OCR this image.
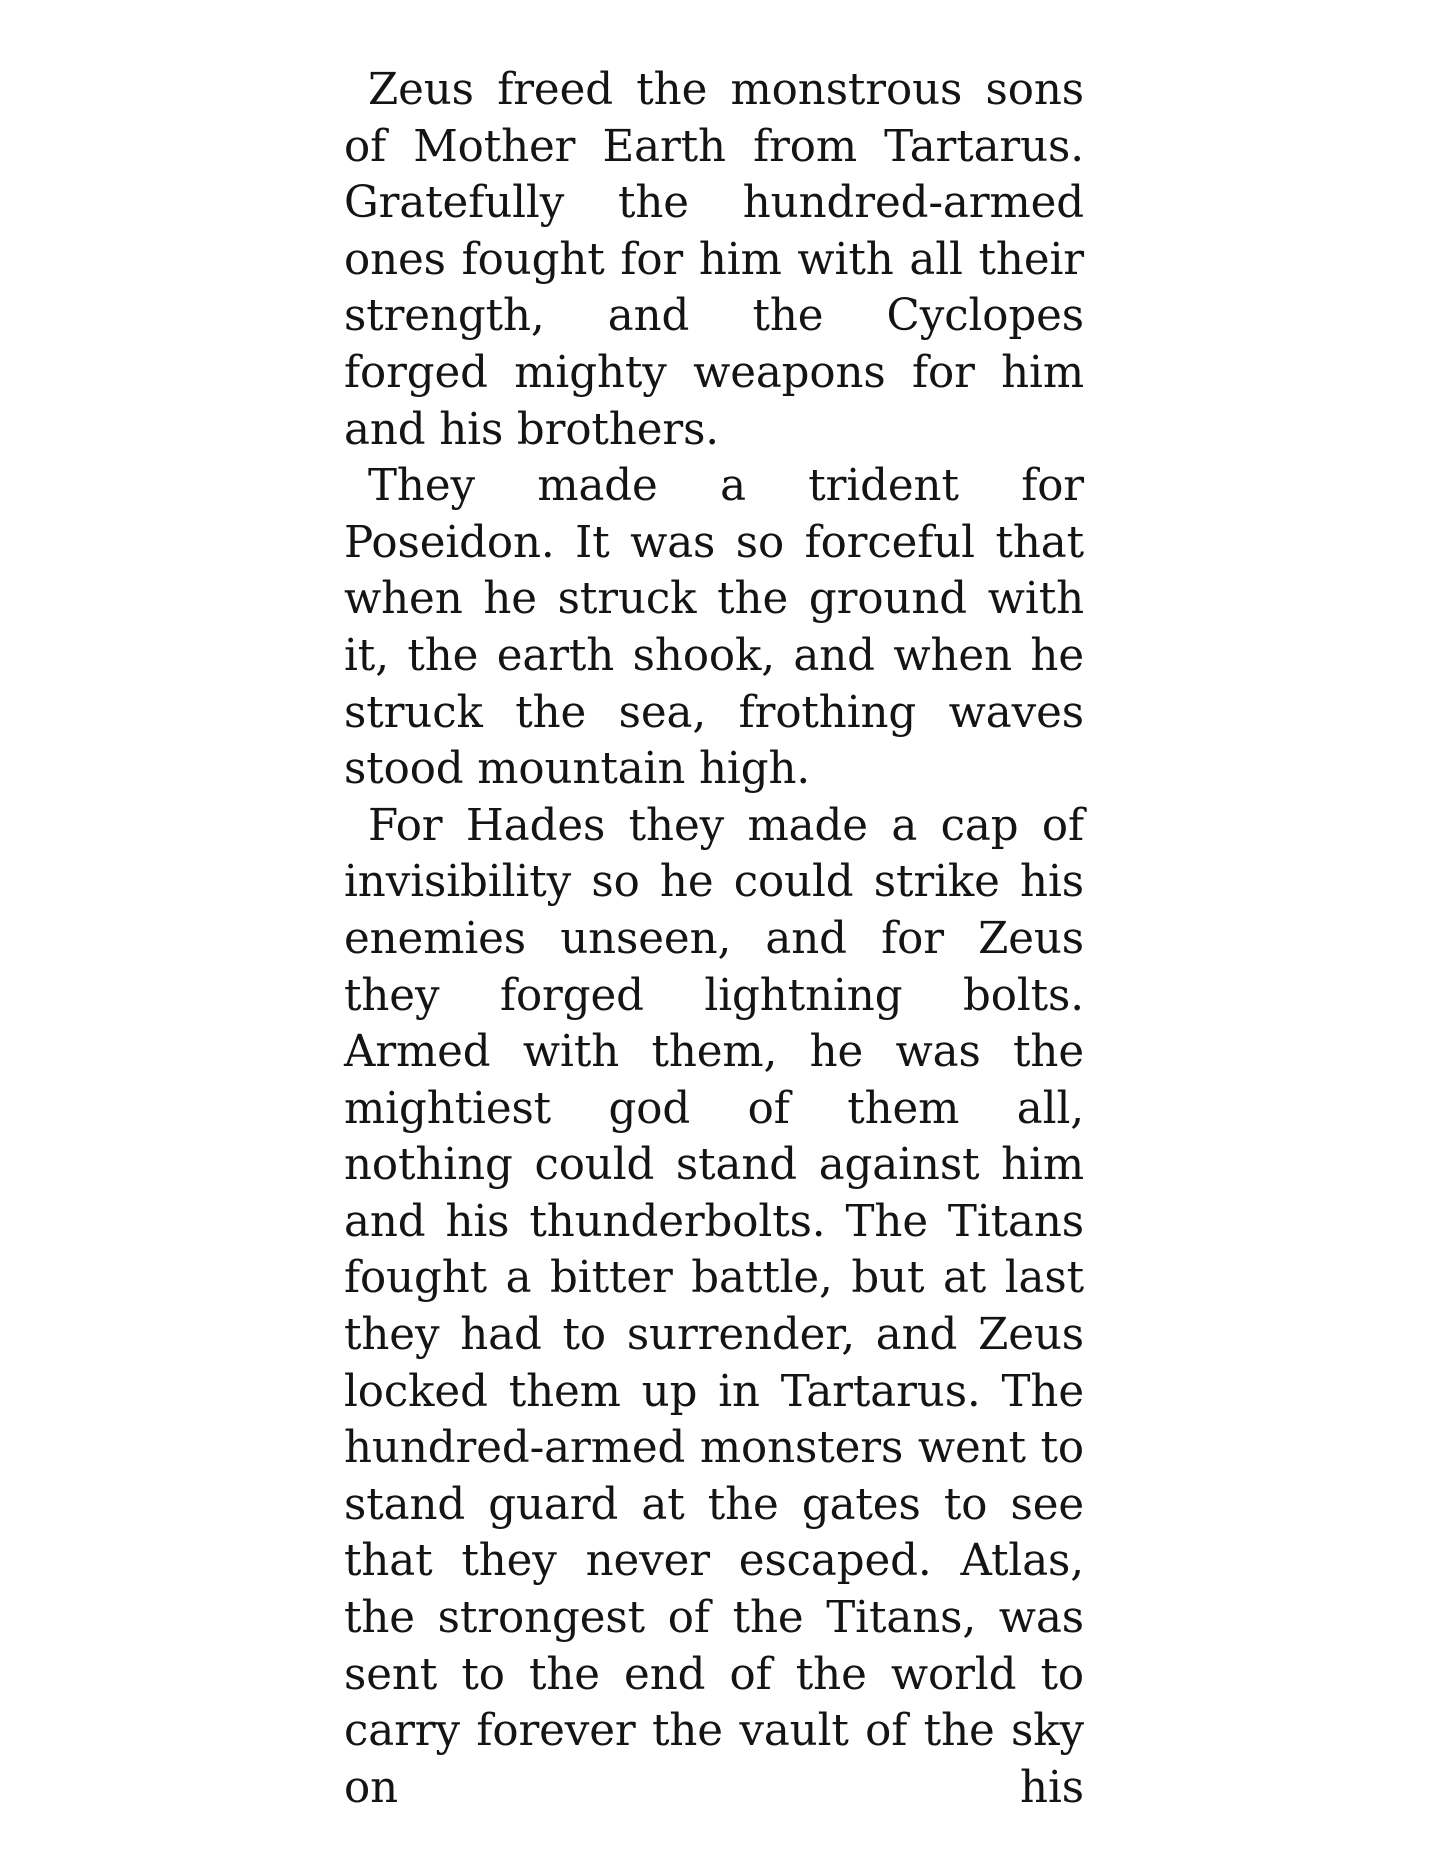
Zeus freed the monstrous sons of Mother Earth from Tartarus. Gratefully the hundred-armed ones fought for him with all their strength, and the Cyclopes forged mighty weapons for him and his brothers.

They made a trident for Poseidon. It was so forceful that when he struck the ground with it, the earth shook, and when he struck the sea, frothing waves stood mountain high.

For Hades they made a cap of invisibility so he could strike his enemies unseen, and for Zeus they forged lightning bolts. Armed with them, he was the mightiest god of them all, nothing could stand against him and his thunderbolts. The Titans fought a bitter battle, but at last they had to surrender, and Zeus locked them up in Tartarus. The hundred-armed monsters went to stand guard at the gates to see that they never escaped. Atlas, the strongest of the Titans, was sent to the end of the world to carry forever the vault of the sky on his
